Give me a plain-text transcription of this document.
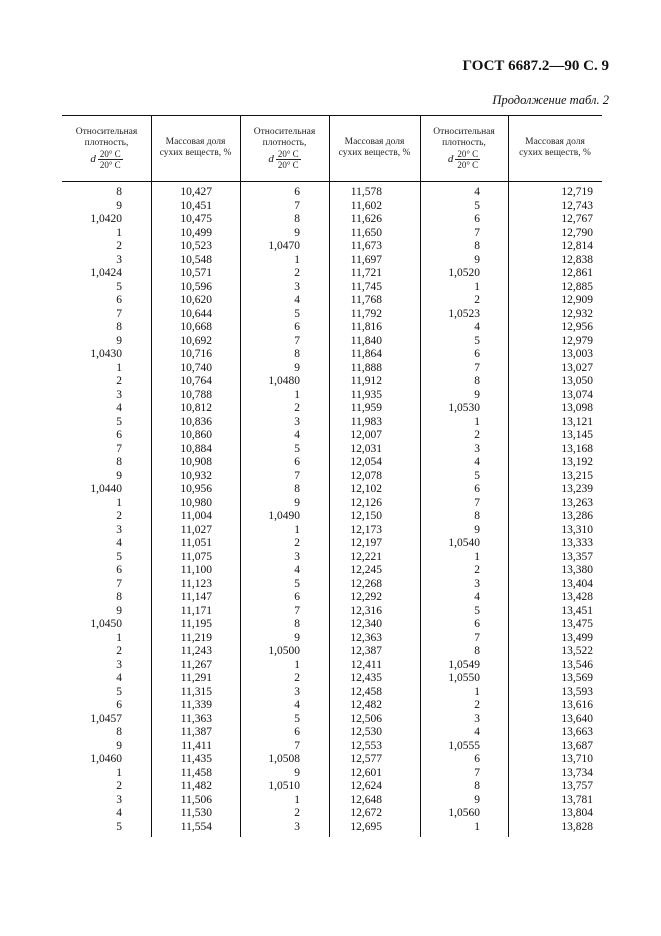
ГОСТ 6687.2—90 С. 9
Продолжение табл. 2
Относительная
плотность,
d $\frac{20^\circ С}{20^\circ С}$
Массовая доля
сухих веществ, %
Относительная
плотность,
d $\frac{20^\circ С}{20^\circ С}$
Массовая доля
сухих веществ, %
Относительная
плотность,
d $\frac{20^\circ С}{20^\circ С}$
Массовая доля
сухих веществ, %
8	10,427	6	11,578	4	12,719
9	10,451	7	11,602	5	12,743
1,0420	10,475	8	11,626	6	12,767
1	10,499	9	11,650	7	12,790
2	10,523	1,0470	11,673	8	12,814
3	10,548	1	11,697	9	12,838
1,0424	10,571	2	11,721	1,0520	12,861
5	10,596	3	11,745	1	12,885
6	10,620	4	11,768	2	12,909
7	10,644	5	11,792	1,0523	12,932
8	10,668	6	11,816	4	12,956
9	10,692	7	11,840	5	12,979
1,0430	10,716	8	11,864	6	13,003
1	10,740	9	11,888	7	13,027
2	10,764	1,0480	11,912	8	13,050
3	10,788	1	11,935	9	13,074
4	10,812	2	11,959	1,0530	13,098
5	10,836	3	11,983	1	13,121
6	10,860	4	12,007	2	13,145
7	10,884	5	12,031	3	13,168
8	10,908	6	12,054	4	13,192
9	10,932	7	12,078	5	13,215
1,0440	10,956	8	12,102	6	13,239
1	10,980	9	12,126	7	13,263
2	11,004	1,0490	12,150	8	13,286
3	11,027	1	12,173	9	13,310
4	11,051	2	12,197	1,0540	13,333
5	11,075	3	12,221	1	13,357
6	11,100	4	12,245	2	13,380
7	11,123	5	12,268	3	13,404
8	11,147	6	12,292	4	13,428
9	11,171	7	12,316	5	13,451
1,0450	11,195	8	12,340	6	13,475
1	11,219	9	12,363	7	13,499
2	11,243	1,0500	12,387	8	13,522
3	11,267	1	12,411	1,0549	13,546
4	11,291	2	12,435	1,0550	13,569
5	11,315	3	12,458	1	13,593
6	11,339	4	12,482	2	13,616
1,0457	11,363	5	12,506	3	13,640
8	11,387	6	12,530	4	13,663
9	11,411	7	12,553	1,0555	13,687
1,0460	11,435	1,0508	12,577	6	13,710
1	11,458	9	12,601	7	13,734
2	11,482	1,0510	12,624	8	13,757
3	11,506	1	12,648	9	13,781
4	11,530	2	12,672	1,0560	13,804
5	11,554	3	12,695	1	13,828
